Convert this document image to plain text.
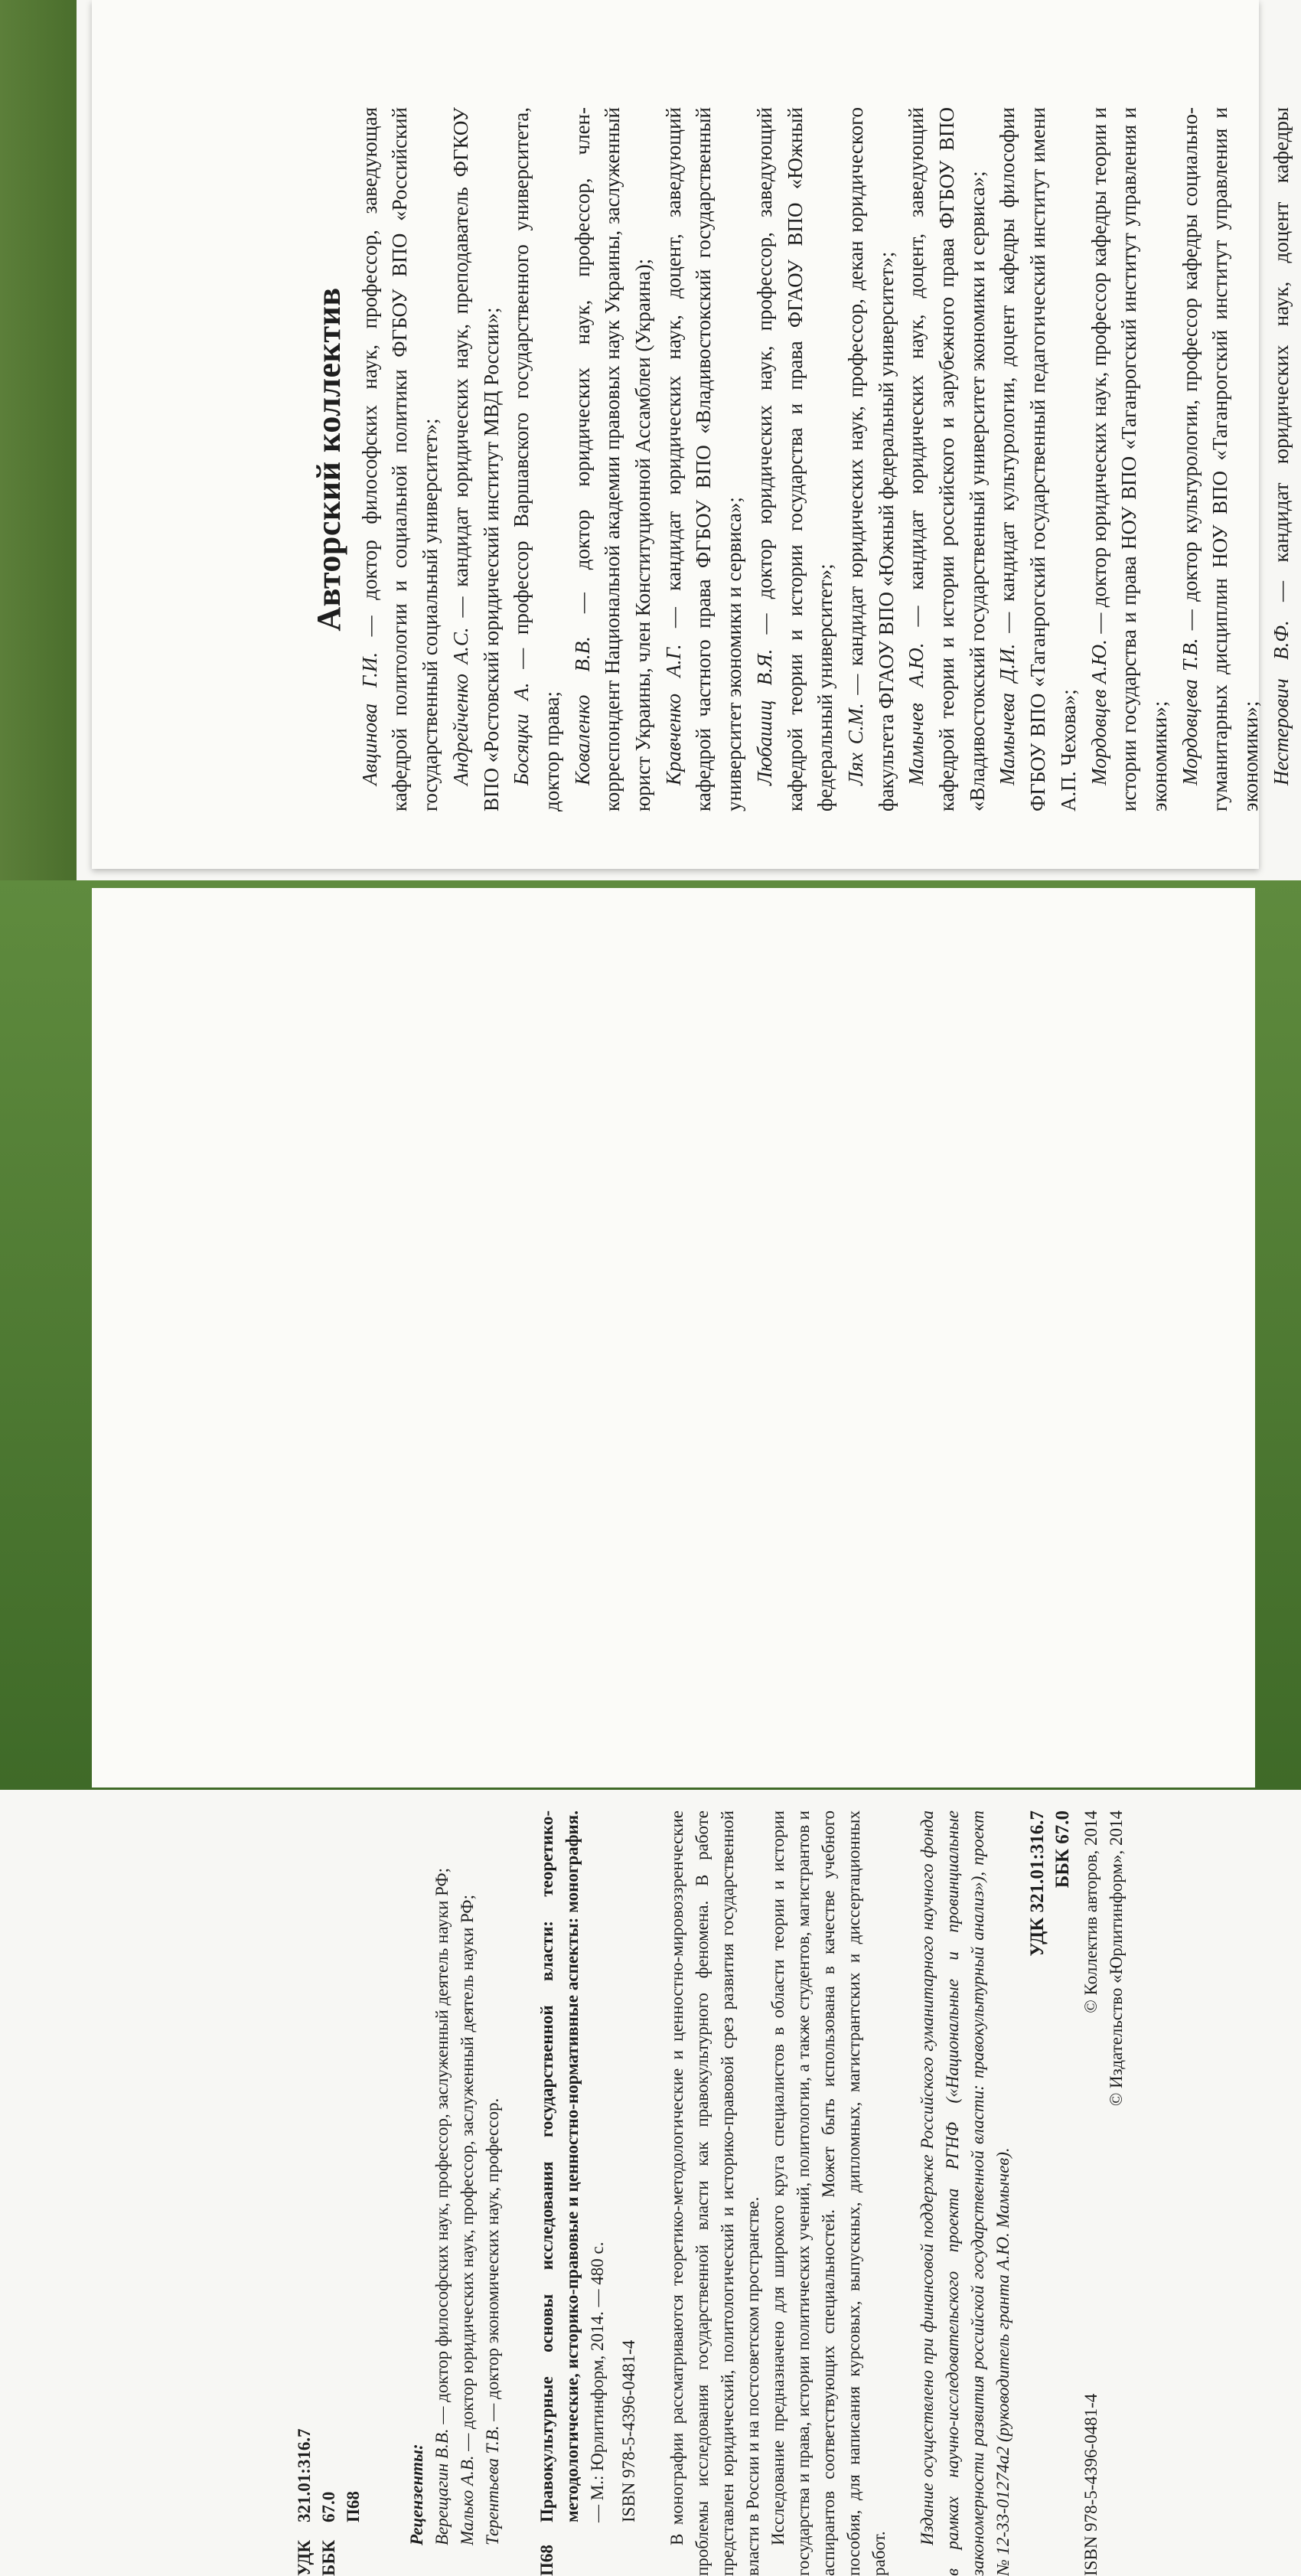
Авторский коллектив

Авцинова Г.И. — доктор философских наук, профессор, заведующая кафедрой политологии и социальной политики ФГБОУ ВПО «Российский государственный социальный университет»; Андрейченко А.С. — кандидат юридических наук, преподаватель ФГКОУ ВПО «Ростовский юридический институт МВД России»; Босяцки А. — профессор Варшавского государственного университета, доктор права; Коваленко В.В. — доктор юридических наук, профессор, член-корреспондент Национальной академии правовых наук Украины, заслуженный юрист Украины, член Конституционной Ассамблеи (Украина); Кравченко А.Г. — кандидат юридических наук, доцент, заведующий кафедрой частного права ФГБОУ ВПО «Владивостокский государственный университет экономики и сервиса»; Любашиц В.Я. — доктор юридических наук, профессор, заведующий кафедрой теории и истории государства и права ФГАОУ ВПО «Южный федеральный университет»; Лях С.М. — кандидат юридических наук, профессор, декан юридического факультета ФГАОУ ВПО «Южный федеральный университет»; Мамычев А.Ю. — кандидат юридических наук, доцент, заведующий кафедрой теории и истории российского и зарубежного права ФГБОУ ВПО «Владивостокский государственный университет экономики и сервиса»; Мамычева Д.И. — кандидат культурологии, доцент кафедры философии ФГБОУ ВПО «Таганрогский государственный педагогический институт имени А.П. Чехова»; Мордовцев А.Ю. — доктор юридических наук, профессор кафедры теории и истории государства и права НОУ ВПО «Таганрогский институт управления и экономики»; Мордовцева Т.В. — доктор культурологии, профессор кафедры социально-гуманитарных дисциплин НОУ ВПО «Таганрогский институт управления и экономики»; Нестерович В.Ф. — кандидат юридических наук, доцент кафедры

УДК
321.01:316.7
ББК
67.0 П68	Рецензенты: Верещагин В.В. — доктор философских наук, профессор, заслуженный деятель науки РФ;

Малько А.В. — доктор юридических наук, профессор, заслуженный деятель науки РФ;

Терентьева Т.В. — доктор экономических наук, профессор.

П68
Правокультурные основы исследования государственной власти: теоретико-методологические, историко-правовые и ценностно-нормативные аспекты: монография. — М.: Юрлитинформ, 2014. — 480 с. ISBN 978-5-4396-0481-4 В монографии рассматриваются теоретико-методологические и ценностно-мировоззренческие проблемы исследования государственной власти как правокультурного феномена. В работе представлен юридический, политологический и историко-правовой срез развития государственной власти в России и на постсоветском пространстве. Исследование предназначено для широкого круга специалистов в области теории и истории государства и права, истории политических учений, политологии, а также студентов, магистрантов и аспирантов соответствующих специальностей. Может быть использована в качестве учебного пособия, для написания курсовых, выпускных, дипломных, магистрантских и диссертационных работ.

Издание осуществлено при финансовой поддержке Российского гуманитарного научного фонда в рамках научно-исследовательского проекта РГНФ («Национальные и провинциальные закономерности развития российской государственной власти: правокультурный анализ»), проект № 12-33-01274а2 (руководитель гранта А.Ю. Мамычев).

УДК 321.01:316.7 ББК 67.0
ISBN 978-5-4396-0481-4
© Коллектив авторов, 2014 © Издательство «Юрлитинформ», 2014
